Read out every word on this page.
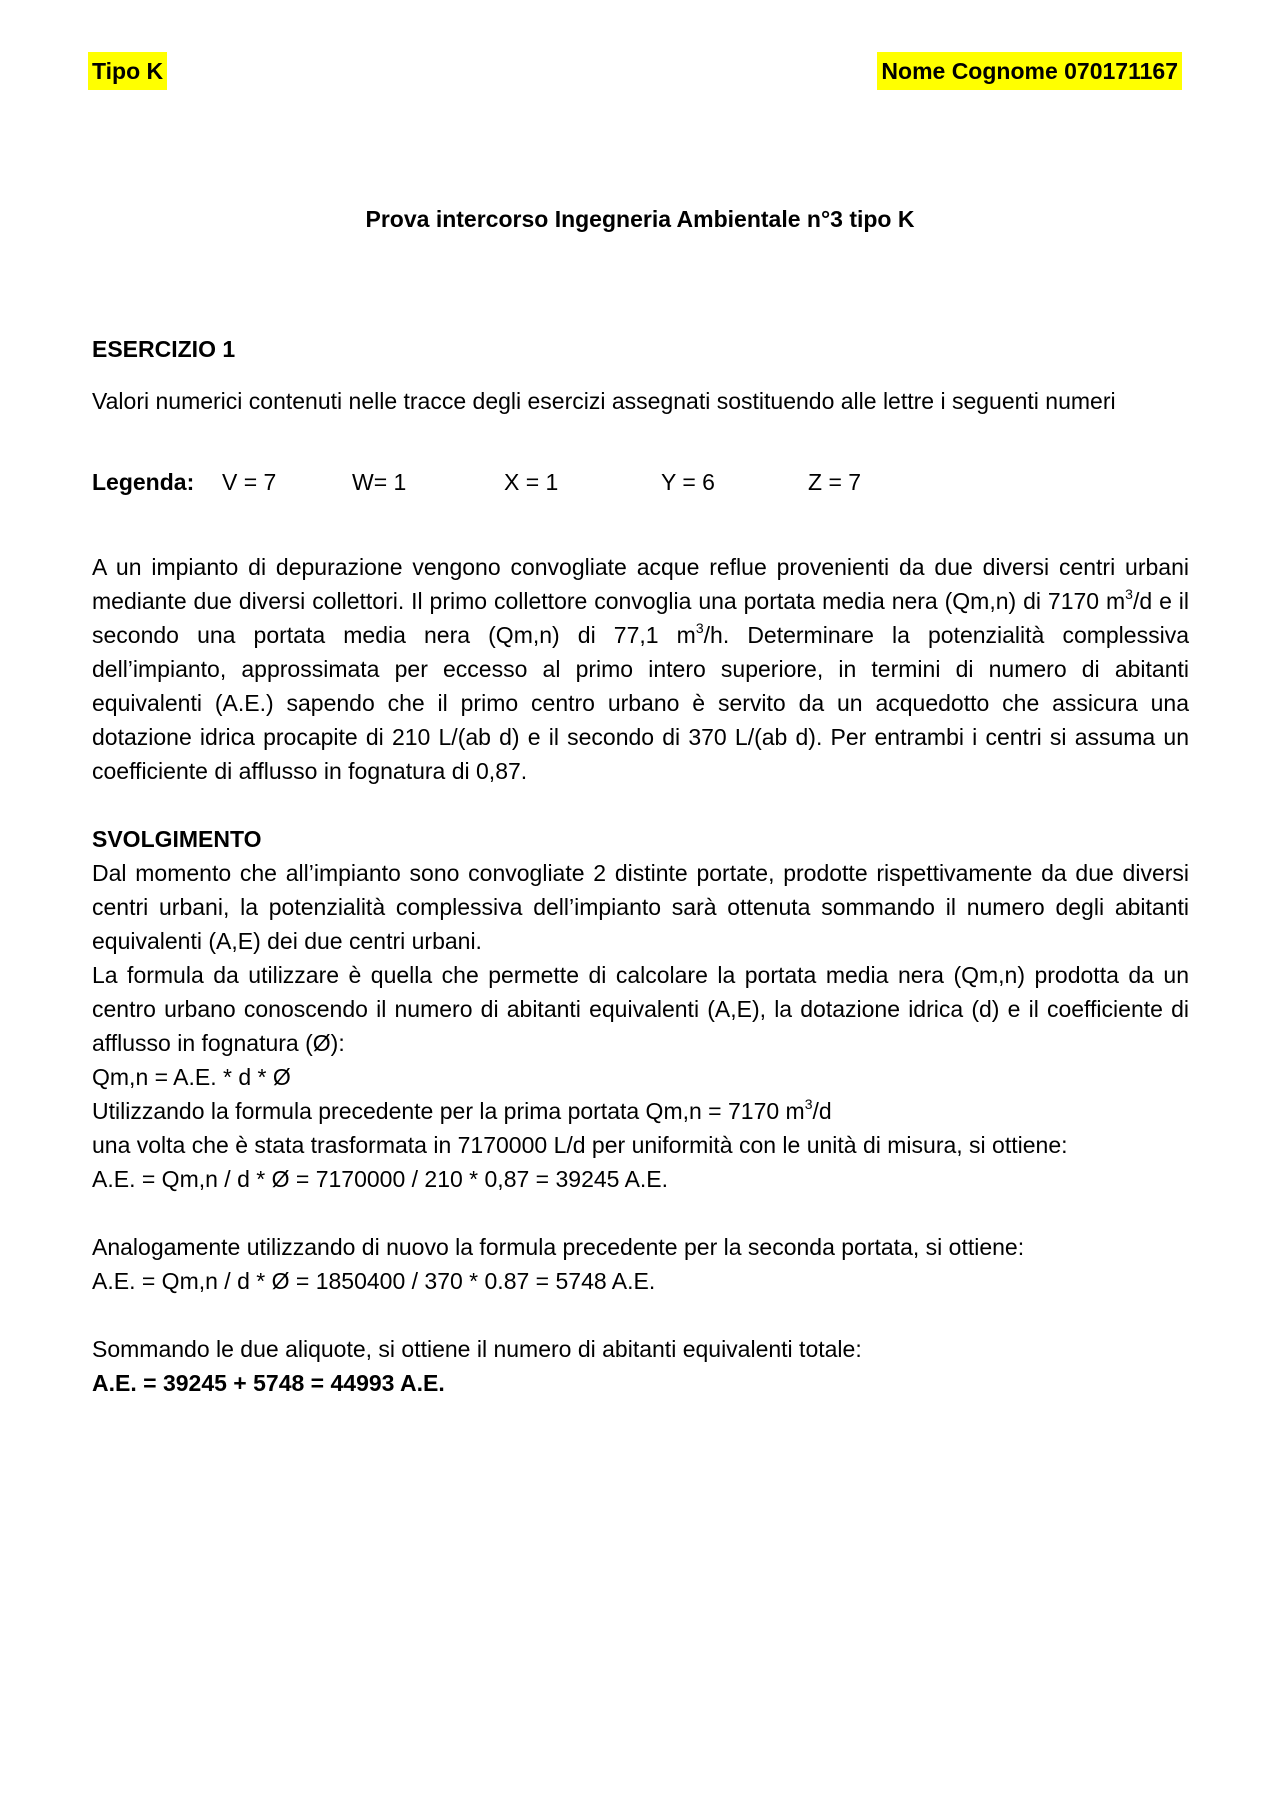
Tipo K	Nome Cognome 070171167
Prova intercorso Ingegneria Ambientale n°3 tipo K
ESERCIZIO 1
Valori numerici contenuti nelle tracce degli esercizi assegnati sostituendo alle lettre i seguenti numeri
Legenda:	V = 7	W= 1	X = 1	Y = 6	Z = 7
A un impianto di depurazione vengono convogliate acque reflue provenienti da due diversi centri urbani mediante due diversi collettori. Il primo collettore convoglia una portata media nera (Qm,n) di 7170 $m^3/d$ e il secondo una portata media nera (Qm,n) di 77,1 $m^3/h$. Determinare la potenzialità complessiva dell’impianto, approssimata per eccesso al primo intero superiore, in termini di numero di abitanti equivalenti (A.E.) sapendo che il primo centro urbano è servito da un acquedotto che assicura una dotazione idrica procapite di 210 L/(ab d) e il secondo di 370 L/(ab d). Per entrambi i centri si assuma un coefficiente di afflusso in fognatura di 0,87.
SVOLGIMENTO
Dal momento che all’impianto sono convogliate 2 distinte portate, prodotte rispettivamente da due diversi centri urbani, la potenzialità complessiva dell’impianto sarà ottenuta sommando il numero degli abitanti equivalenti (A,E) dei due centri urbani.
La formula da utilizzare è quella che permette di calcolare la portata media nera (Qm,n) prodotta da un centro urbano conoscendo il numero di abitanti equivalenti (A,E), la dotazione idrica (d) e il coefficiente di afflusso in fognatura (Ø):
Qm,n = A.E. * d * Ø
Utilizzando la formula precedente per la prima portata Qm,n = 7170 $m^3/d$
una volta che è stata trasformata in 7170000 L/d per uniformità con le unità di misura, si ottiene:
A.E. = Qm,n / d * Ø = 7170000 / 210 * 0,87 = 39245 A.E.
Analogamente utilizzando di nuovo la formula precedente per la seconda portata, si ottiene:
A.E. = Qm,n / d * Ø = 1850400 / 370 * 0.87 = 5748 A.E.
Sommando le due aliquote, si ottiene il numero di abitanti equivalenti totale:
A.E. = 39245 + 5748 = 44993 A.E.
